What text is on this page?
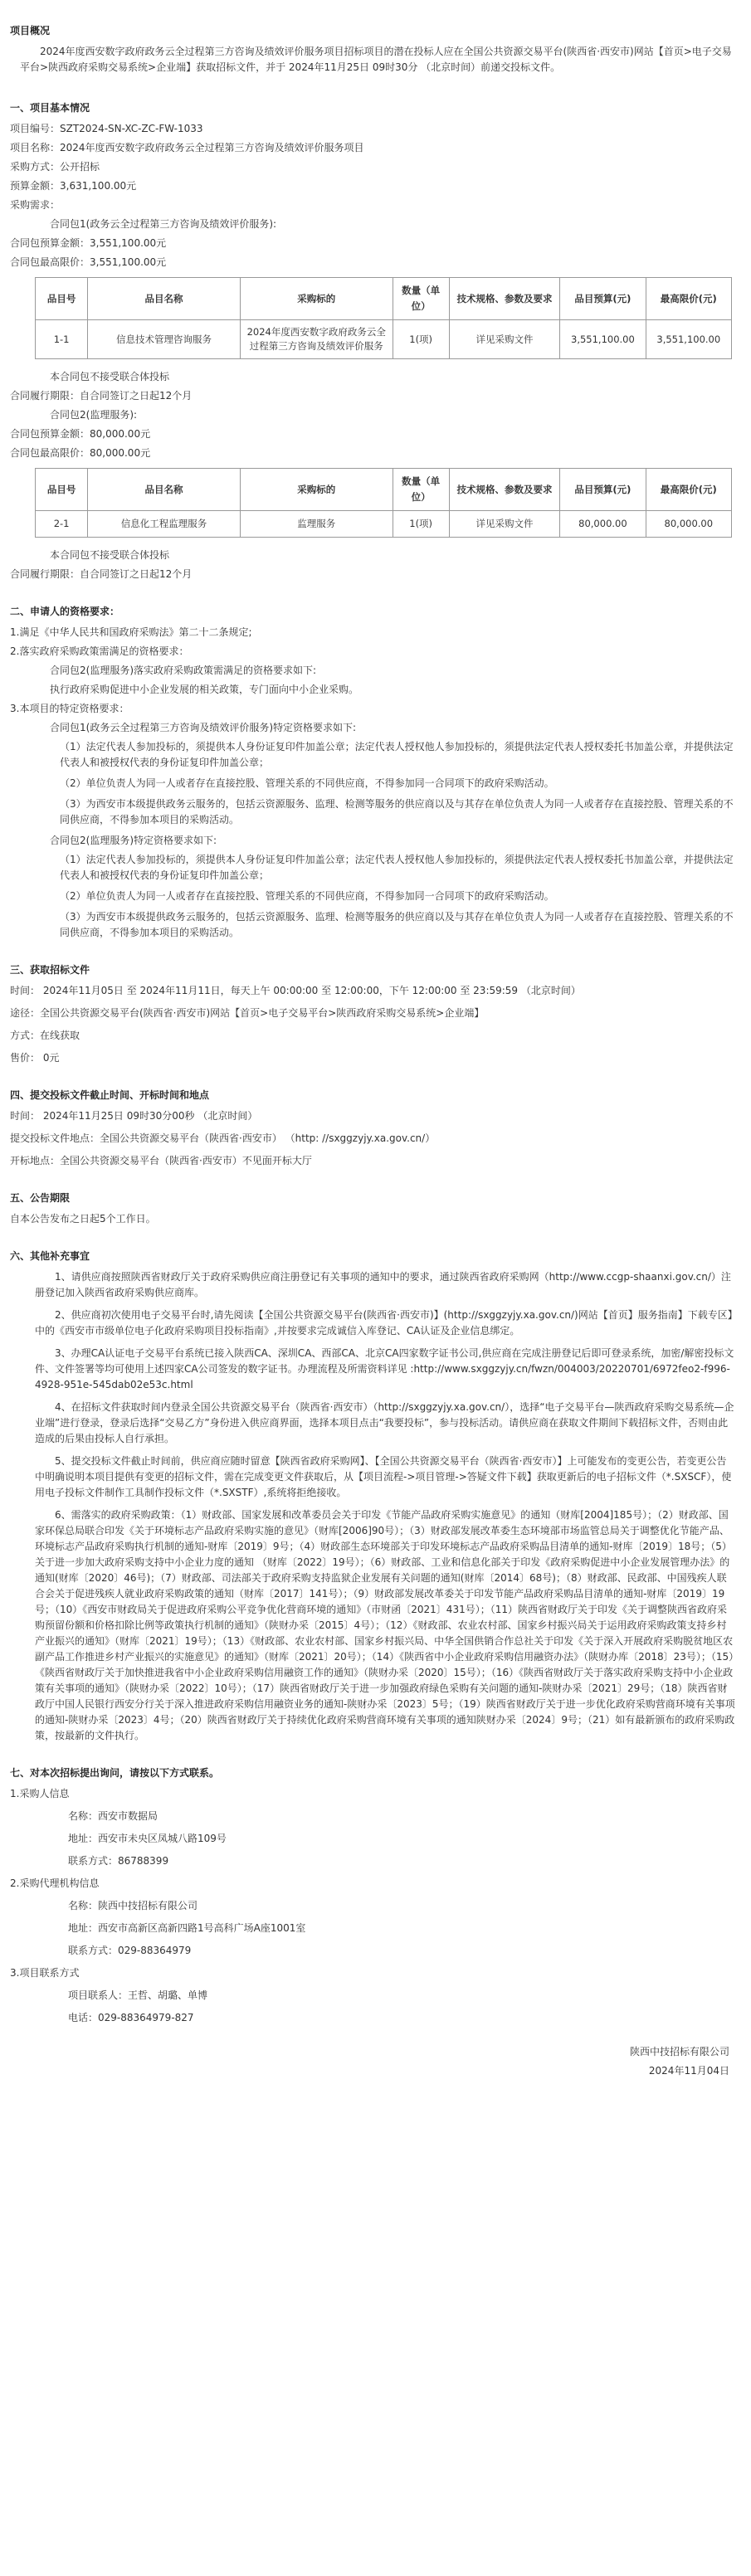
项目概况
2024年度西安数字政府政务云全过程第三方咨询及绩效评价服务项目招标项目的潜在投标人应在全国公共资源交易平台(陕西省·西安市)网站【首页>电子交易平台>陕西政府采购交易系统>企业端】获取招标文件，并于 2024年11月25日 09时30分 （北京时间）前递交投标文件。
一、项目基本情况
项目编号：SZT2024-SN-XC-ZC-FW-1033
项目名称：2024年度西安数字政府政务云全过程第三方咨询及绩效评价服务项目
采购方式：公开招标
预算金额：3,631,100.00元
采购需求：
合同包1(政务云全过程第三方咨询及绩效评价服务):
合同包预算金额：3,551,100.00元
合同包最高限价：3,551,100.00元
品目号	品目名称	采购标的	数量（单位）	技术规格、参数及要求	品目预算(元)	最高限价(元)
1-1	信息技术管理咨询服务	2024年度西安数字政府政务云全过程第三方咨询及绩效评价服务	1(项)	详见采购文件	3,551,100.00	3,551,100.00
本合同包不接受联合体投标
合同履行期限：自合同签订之日起12个月
合同包2(监理服务):
合同包预算金额：80,000.00元
合同包最高限价：80,000.00元
品目号	品目名称	采购标的	数量（单位）	技术规格、参数及要求	品目预算(元)	最高限价(元)
2-1	信息化工程监理服务	监理服务	1(项)	详见采购文件	80,000.00	80,000.00
本合同包不接受联合体投标
合同履行期限：自合同签订之日起12个月
二、申请人的资格要求：
1.满足《中华人民共和国政府采购法》第二十二条规定;
2.落实政府采购政策需满足的资格要求：
合同包2(监理服务)落实政府采购政策需满足的资格要求如下:
执行政府采购促进中小企业发展的相关政策，专门面向中小企业采购。
3.本项目的特定资格要求：
合同包1(政务云全过程第三方咨询及绩效评价服务)特定资格要求如下:
（1）法定代表人参加投标的，须提供本人身份证复印件加盖公章；法定代表人授权他人参加投标的，须提供法定代表人授权委托书加盖公章，并提供法定代表人和被授权代表的身份证复印件加盖公章；
（2）单位负责人为同一人或者存在直接控股、管理关系的不同供应商，不得参加同一合同项下的政府采购活动。
（3）为西安市本级提供政务云服务的，包括云资源服务、监理、检测等服务的供应商以及与其存在单位负责人为同一人或者存在直接控股、管理关系的不同供应商，不得参加本项目的采购活动。
合同包2(监理服务)特定资格要求如下:
（1）法定代表人参加投标的，须提供本人身份证复印件加盖公章；法定代表人授权他人参加投标的，须提供法定代表人授权委托书加盖公章，并提供法定代表人和被授权代表的身份证复印件加盖公章；
（2）单位负责人为同一人或者存在直接控股、管理关系的不同供应商，不得参加同一合同项下的政府采购活动。
（3）为西安市本级提供政务云服务的，包括云资源服务、监理、检测等服务的供应商以及与其存在单位负责人为同一人或者存在直接控股、管理关系的不同供应商，不得参加本项目的采购活动。
三、获取招标文件
时间： 2024年11月05日 至 2024年11月11日，每天上午 00:00:00 至 12:00:00，下午 12:00:00 至 23:59:59 （北京时间）
途径：全国公共资源交易平台(陕西省·西安市)网站【首页>电子交易平台>陕西政府采购交易系统>企业端】
方式：在线获取
售价： 0元
四、提交投标文件截止时间、开标时间和地点
时间： 2024年11月25日 09时30分00秒 （北京时间）
提交投标文件地点：全国公共资源交易平台（陕西省·西安市） （http: //sxggzyjy.xa.gov.cn/）
开标地点：全国公共资源交易平台（陕西省·西安市）不见面开标大厅
五、公告期限
自本公告发布之日起5个工作日。
六、其他补充事宜
1、请供应商按照陕西省财政厅关于政府采购供应商注册登记有关事项的通知中的要求，通过陕西省政府采购网（http://www.ccgp-shaanxi.gov.cn/）注册登记加入陕西省政府采购供应商库。
2、供应商初次使用电子交易平台时,请先阅读【全国公共资源交易平台(陕西省·西安市)】(http://sxggzyjy.xa.gov.cn/)网站【首页】服务指南】下载专区】中的《西安市市级单位电子化政府采购项目投标指南》,并按要求完成诚信入库登记、CA认证及企业信息绑定。
3、办理CA认证电子交易平台系统已接入陕西CA、深圳CA、西部CA、北京CA四家数字证书公司,供应商在完成注册登记后即可登录系统，加密/解密投标文件、文件签署等均可使用上述四家CA公司签发的数字证书。办理流程及所需资料详见 :http://www.sxggzyjy.cn/fwzn/004003/20220701/6972feo2-f996-4928-951e-545dab02e53c.html
4、在招标文件获取时间内登录全国公共资源交易平台（陕西省·西安市）（http://sxggzyjy.xa.gov.cn/），选择“电子交易平台—陕西政府采购交易系统—企业端”进行登录，登录后选择“交易乙方”身份进入供应商界面，选择本项目点击“我要投标”，参与投标活动。请供应商在获取文件期间下载招标文件，否则由此造成的后果由投标人自行承担。
5、提交投标文件截止时间前，供应商应随时留意【陕西省政府采购网】、【全国公共资源交易平台（陕西省·西安市）】上可能发布的变更公告，若变更公告中明确说明本项目提供有变更的招标文件，需在完成变更文件获取后，从【项目流程->项目管理->答疑文件下载】获取更新后的电子招标文件（*.SXSCF），使用电子投标文件制作工具制作投标文件（*.SXSTF）,系统将拒绝接收。
6、需落实的政府采购政策：（1）财政部、国家发展和改革委员会关于印发《节能产品政府采购实施意见》的通知（财库[2004]185号）；（2）财政部、国家环保总局联合印发《关于环境标志产品政府采购实施的意见》（财库[2006]90号）；（3）财政部发展改革委生态环境部市场监管总局关于调整优化节能产品、环境标志产品政府采购执行机制的通知-财库〔2019〕9号；（4）财政部生态环境部关于印发环境标志产品政府采购品目清单的通知-财库〔2019〕18号；（5）关于进一步加大政府采购支持中小企业力度的通知 （财库〔2022〕19号）；（6）财政部、工业和信息化部关于印发《政府采购促进中小企业发展管理办法》的通知(财库〔2020〕46号)；（7）财政部、司法部关于政府采购支持监狱企业发展有关问题的通知(财库〔2014〕68号)；（8）财政部、民政部、中国残疾人联合会关于促进残疾人就业政府采购政策的通知（财库〔2017〕141号）；（9）财政部发展改革委关于印发节能产品政府采购品目清单的通知-财库〔2019〕19号；（10）《西安市财政局关于促进政府采购公平竞争优化营商环境的通知》（市财函〔2021〕431号）；（11）陕西省财政厅关于印发《关于调整陕西省政府采购预留份额和价格扣除比例等政策执行机制的通知》（陕财办采〔2015〕4号）；（12）《财政部、农业农村部、国家乡村振兴局关于运用政府采购政策支持乡村产业振兴的通知》（财库〔2021〕19号）；（13）《财政部、农业农村部、国家乡村振兴局、中华全国供销合作总社关于印发《关于深入开展政府采购脱贫地区农副产品工作推进乡村产业振兴的实施意见》的通知》（财库〔2021〕20号）；（14）《陕西省中小企业政府采购信用融资办法》（陕财办库〔2018〕23号）；（15）《陕西省财政厅关于加快推进我省中小企业政府采购信用融资工作的通知》（陕财办采〔2020〕15号）；（16）《陕西省财政厅关于落实政府采购支持中小企业政策有关事项的通知》（陕财办采〔2022〕10号）；（17）陕西省财政厅关于进一步加强政府绿色采购有关问题的通知-陕财办采〔2021〕29号；（18）陕西省财政厅中国人民银行西安分行关于深入推进政府采购信用融资业务的通知-陕财办采〔2023〕5号；（19）陕西省财政厅关于进一步优化政府采购营商环境有关事项的通知-陕财办采〔2023〕4号；（20）陕西省财政厅关于持续优化政府采购营商环境有关事项的通知陕财办采〔2024〕9号；（21）如有最新颁布的政府采购政策，按最新的文件执行。
七、对本次招标提出询问，请按以下方式联系。
1.采购人信息
名称：西安市数据局
地址：西安市未央区凤城八路109号
联系方式：86788399
2.采购代理机构信息
名称：陕西中技招标有限公司
地址：西安市高新区高新四路1号高科广场A座1001室
联系方式：029-88364979
3.项目联系方式
项目联系人：王哲、胡璐、单博
电话：029-88364979-827
陕西中技招标有限公司
2024年11月04日
